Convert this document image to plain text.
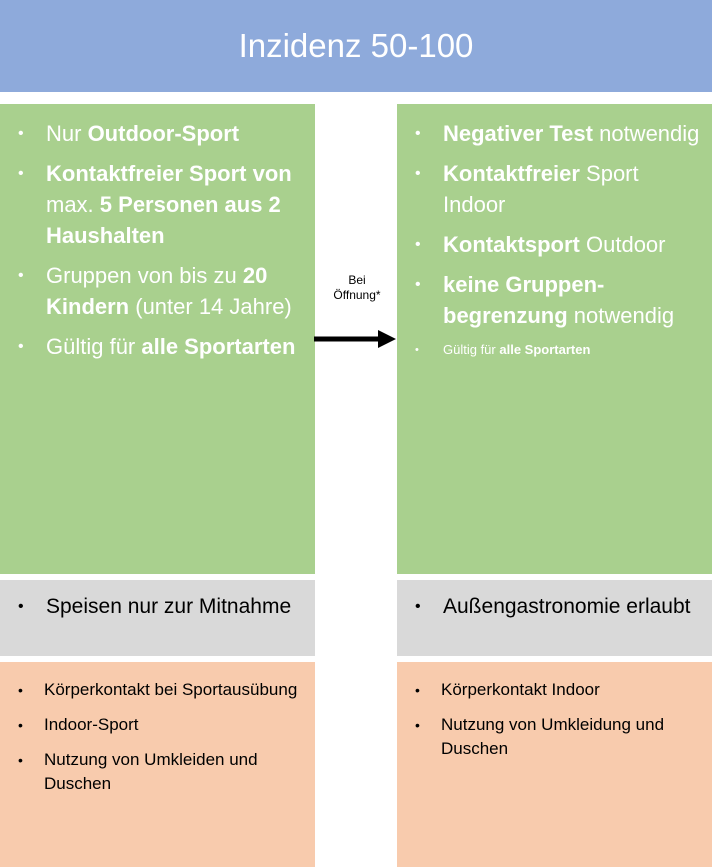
Inzidenz 50-100
• Nur Outdoor-Sport
• Kontaktfreier Sport von max. 5 Personen aus 2 Haushalten
• Gruppen von bis zu 20 Kindern (unter 14 Jahre)
• Gültig für alle Sportarten
Bei
Öffnung*
• Negativer Test notwendig
• Kontaktfreier Sport Indoor
• Kontaktsport Outdoor
• keine Gruppen-begrenzung notwendig
• Gültig für alle Sportarten
• Speisen nur zur Mitnahme
•	Außengastronomie erlaubt
• Körperkontakt bei Sportausübung
• Indoor-Sport
• Nutzung von Umkleiden und Duschen
• Körperkontakt Indoor
• Nutzung von Umkleidung und Duschen
